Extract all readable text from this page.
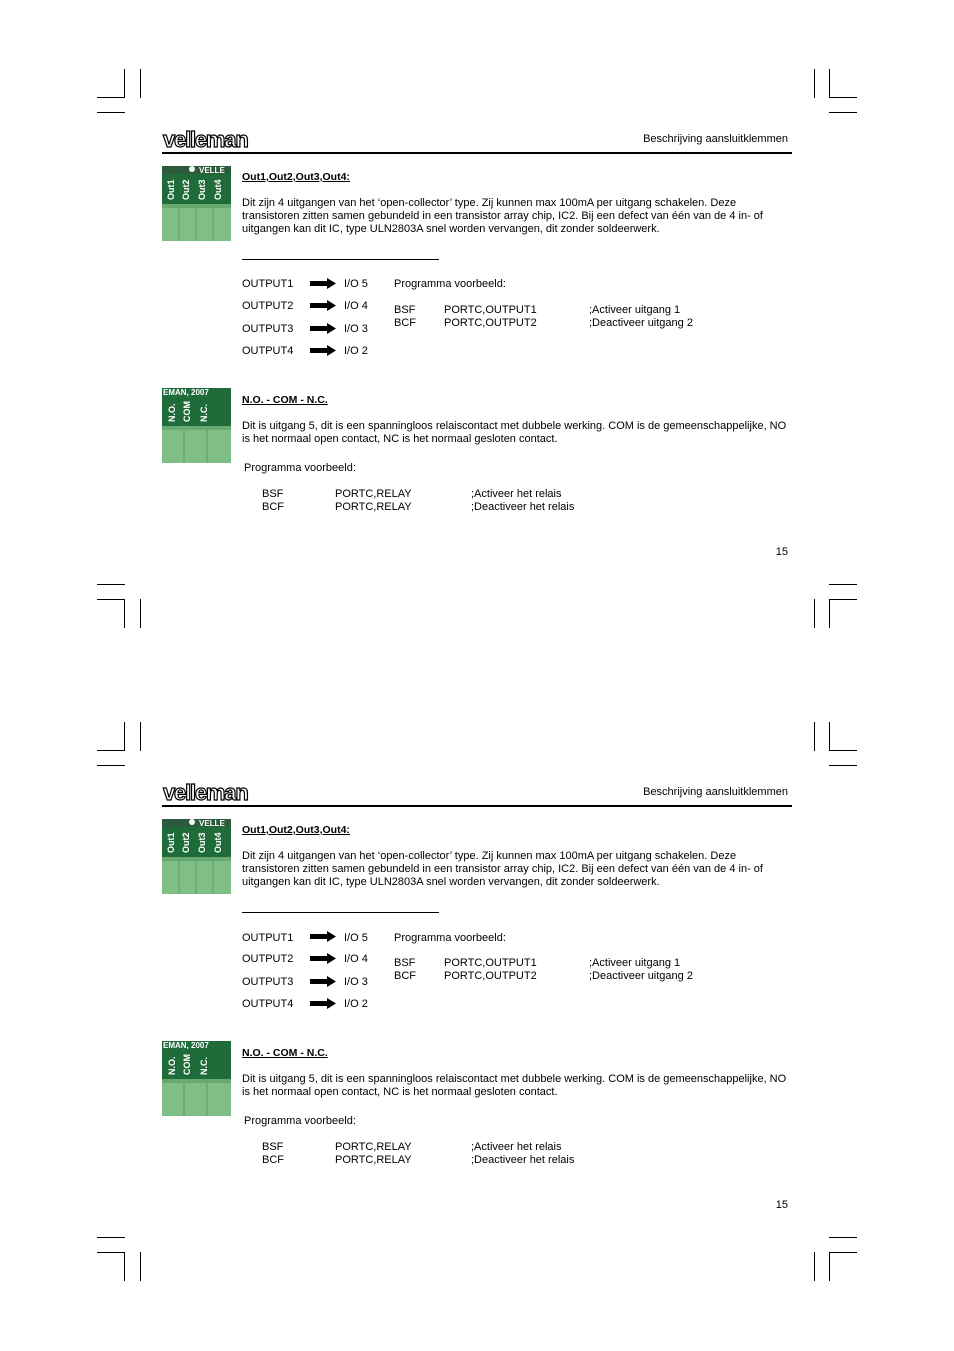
velleman	Beschrijving aansluitklemmen
VELLE
Out1 Out2 Out3 Out4
Out1,Out2,Out3,Out4:

Dit zijn 4 uitgangen van het ‘open-collector’ type. Zij kunnen max 100mA per uitgang schakelen. Deze transistoren zitten samen gebundeld in een transistor array chip, IC2. Bij een defect van één van de 4 in- of uitgangen kan dit IC, type ULN2803A snel worden vervangen, dit zonder soldeerwerk.

OUTPUT1	I/O 5
OUTPUT2	I/O 4
OUTPUT3	I/O 3
OUTPUT4	I/O 2
Programma voorbeeld:
BSF	PORTC,OUTPUT1	;Activeer uitgang 1
BCF	PORTC,OUTPUT2	;Deactiveer uitgang 2
EMAN, 2007
N.O. COM N.C.
N.O. - COM - N.C.

Dit is uitgang 5, dit is een spanningloos relaiscontact met dubbele werking. COM is de gemeenschappelijke, NO is het normaal open contact, NC is het normaal gesloten contact.

Programma voorbeeld:
BSF	PORTC,RELAY	;Activeer het relais
BCF	PORTC,RELAY	;Deactiveer het relais
15
velleman	Beschrijving aansluitklemmen
VELLE
Out1 Out2 Out3 Out4
Out1,Out2,Out3,Out4:

Dit zijn 4 uitgangen van het ‘open-collector’ type. Zij kunnen max 100mA per uitgang schakelen. Deze transistoren zitten samen gebundeld in een transistor array chip, IC2. Bij een defect van één van de 4 in- of uitgangen kan dit IC, type ULN2803A snel worden vervangen, dit zonder soldeerwerk.

OUTPUT1	I/O 5
OUTPUT2	I/O 4
OUTPUT3	I/O 3
OUTPUT4	I/O 2
Programma voorbeeld:
BSF	PORTC,OUTPUT1	;Activeer uitgang 1
BCF	PORTC,OUTPUT2	;Deactiveer uitgang 2
EMAN, 2007
N.O. COM N.C.
N.O. - COM - N.C.

Dit is uitgang 5, dit is een spanningloos relaiscontact met dubbele werking. COM is de gemeenschappelijke, NO is het normaal open contact, NC is het normaal gesloten contact.

Programma voorbeeld:
BSF	PORTC,RELAY	;Activeer het relais
BCF	PORTC,RELAY	;Deactiveer het relais
15
